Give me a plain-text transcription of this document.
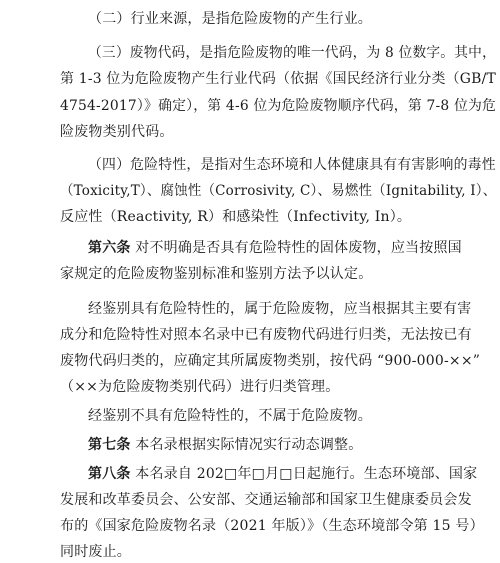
（二）行业来源，是指危险废物的产生行业。
（三）废物代码，是指危险废物的唯一代码，为 8 位数字。其中，
第 1-3 位为危险废物产生行业代码（依据《国民经济行业分类（GB/T
4754-2017）》确定），第 4-6 位为危险废物顺序代码，第 7-8 位为危
险废物类别代码。
（四）危险特性，是指对生态环境和人体健康具有有害影响的毒性
（Toxicity,T）、腐蚀性（Corrosivity, C）、易燃性（Ignitability, I）、
反应性（Reactivity, R）和感染性（Infectivity, In）。
第六条 对不明确是否具有危险特性的固体废物，应当按照国
家规定的危险废物鉴别标准和鉴别方法予以认定。
经鉴别具有危险特性的，属于危险废物，应当根据其主要有害
成分和危险特性对照本名录中已有废物代码进行归类，无法按已有
废物代码归类的，应确定其所属废物类别，按代码 “900-000-××”
（××为危险废物类别代码）进行归类管理。
经鉴别不具有危险特性的，不属于危险废物。
第七条 本名录根据实际情况实行动态调整。
第八条 本名录自 202□年□月□日起施行。生态环境部、国家
发展和改革委员会、公安部、交通运输部和国家卫生健康委员会发
布的《国家危险废物名录（2021 年版）》（生态环境部令第 15 号）
同时废止。
